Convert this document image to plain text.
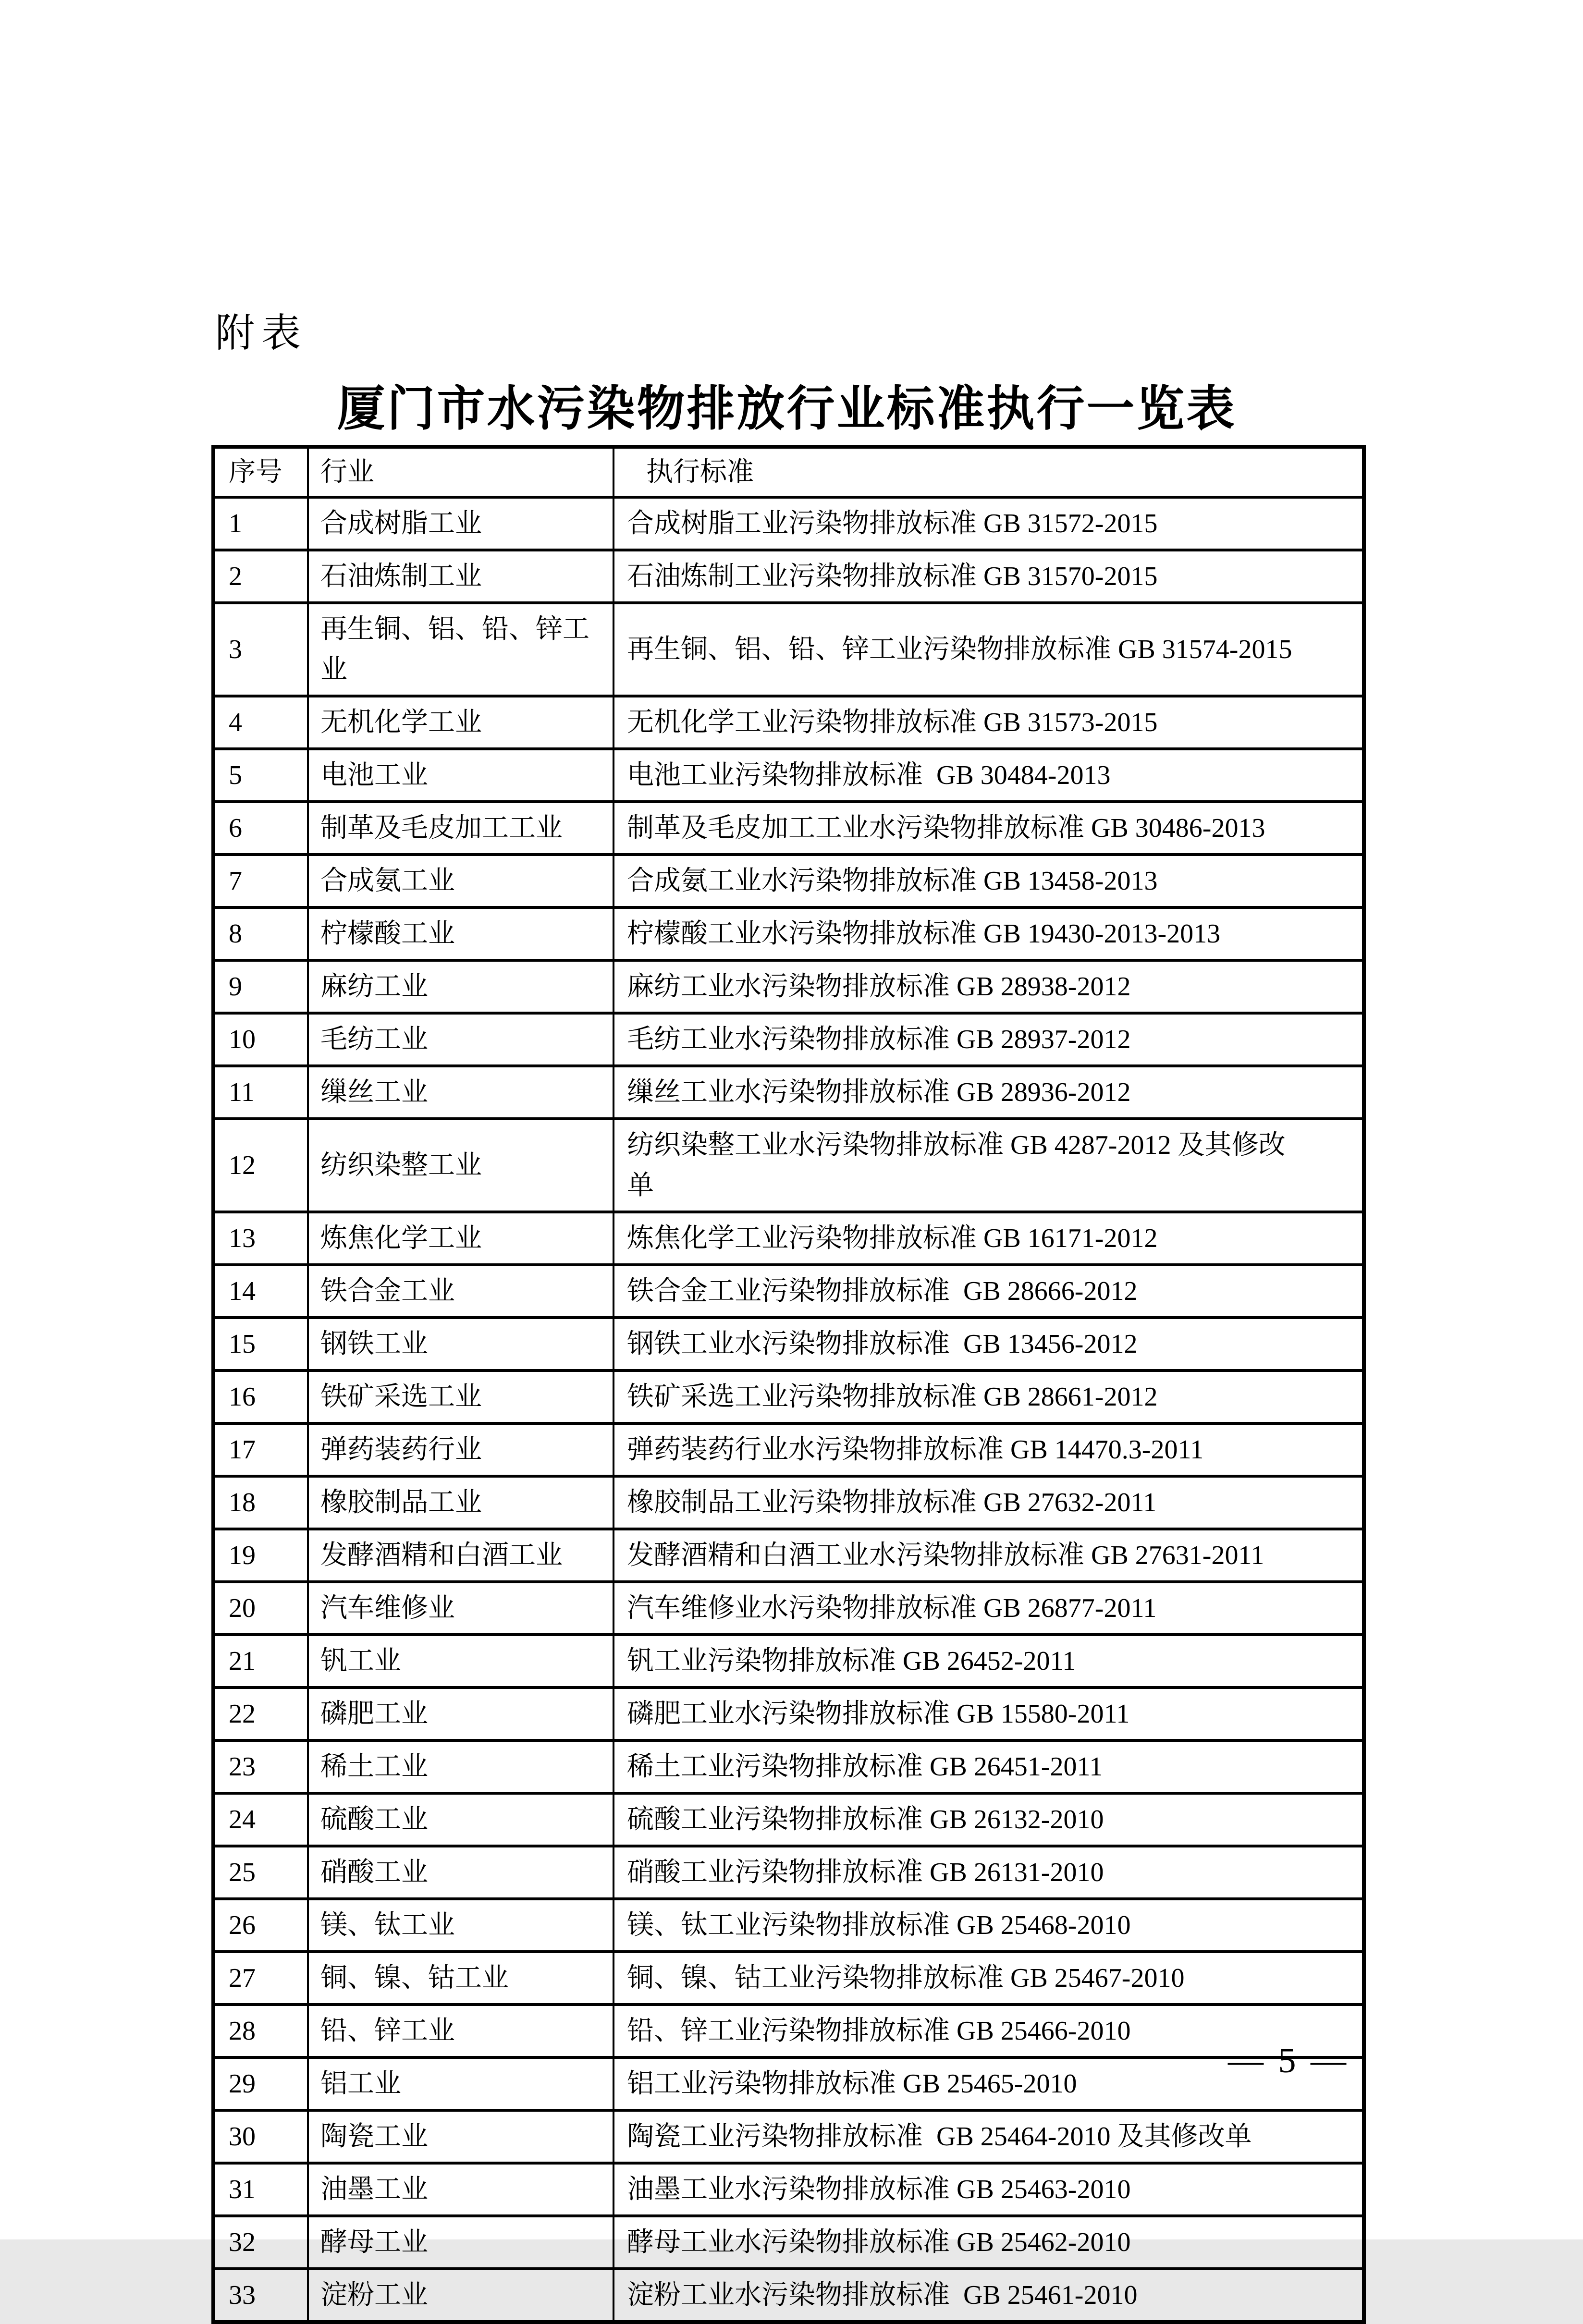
附表
厦门市水污染物排放行业标准执行一览表
序号	行业	执行标准
1	合成树脂工业	合成树脂工业污染物排放标准 GB 31572-2015
2	石油炼制工业	石油炼制工业污染物排放标准 GB 31570-2015
3	再生铜、铝、铅、锌工业	再生铜、铝、铅、锌工业污染物排放标准 GB 31574-2015
4	无机化学工业	无机化学工业污染物排放标准 GB 31573-2015
5	电池工业	电池工业污染物排放标准  GB 30484-2013
6	制革及毛皮加工工业	制革及毛皮加工工业水污染物排放标准 GB 30486-2013
7	合成氨工业	合成氨工业水污染物排放标准 GB 13458-2013
8	柠檬酸工业	柠檬酸工业水污染物排放标准 GB 19430-2013-2013
9	麻纺工业	麻纺工业水污染物排放标准 GB 28938-2012
10	毛纺工业	毛纺工业水污染物排放标准 GB 28937-2012
11	缫丝工业	缫丝工业水污染物排放标准 GB 28936-2012
12	纺织染整工业	纺织染整工业水污染物排放标准 GB 4287-2012 及其修改单
13	炼焦化学工业	炼焦化学工业污染物排放标准 GB 16171-2012
14	铁合金工业	铁合金工业污染物排放标准  GB 28666-2012
15	钢铁工业	钢铁工业水污染物排放标准  GB 13456-2012
16	铁矿采选工业	铁矿采选工业污染物排放标准 GB 28661-2012
17	弹药装药行业	弹药装药行业水污染物排放标准 GB 14470.3-2011
18	橡胶制品工业	橡胶制品工业污染物排放标准 GB 27632-2011
19	发酵酒精和白酒工业	发酵酒精和白酒工业水污染物排放标准 GB 27631-2011
20	汽车维修业	汽车维修业水污染物排放标准 GB 26877-2011
21	钒工业	钒工业污染物排放标准 GB 26452-2011
22	磷肥工业	磷肥工业水污染物排放标准 GB 15580-2011
23	稀土工业	稀土工业污染物排放标准 GB 26451-2011
24	硫酸工业	硫酸工业污染物排放标准 GB 26132-2010
25	硝酸工业	硝酸工业污染物排放标准 GB 26131-2010
26	镁、钛工业	镁、钛工业污染物排放标准 GB 25468-2010
27	铜、镍、钴工业	铜、镍、钴工业污染物排放标准 GB 25467-2010
28	铅、锌工业	铅、锌工业污染物排放标准 GB 25466-2010
29	铝工业	铝工业污染物排放标准 GB 25465-2010
30	陶瓷工业	陶瓷工业污染物排放标准  GB 25464-2010 及其修改单
31	油墨工业	油墨工业水污染物排放标准 GB 25463-2010
32	酵母工业	酵母工业水污染物排放标准 GB 25462-2010
33	淀粉工业	淀粉工业水污染物排放标准  GB 25461-2010
— 5 —
